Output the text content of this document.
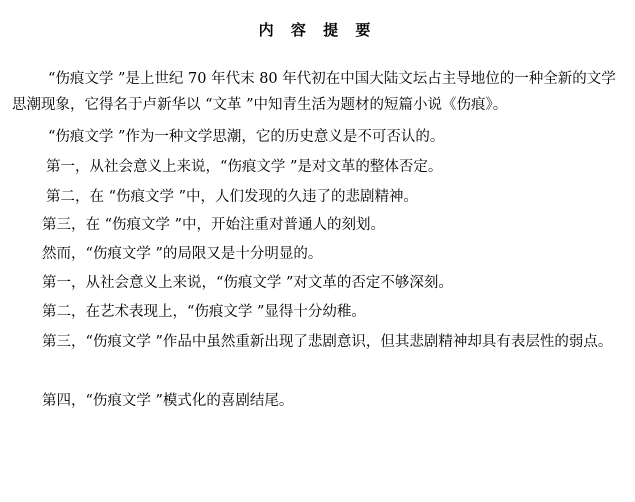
内 容 提 要
“伤痕文学 ”是上世纪 70 年代末 80 年代初在中国大陆文坛占主导地位的一种全新的文学思潮现象，它得名于卢新华以 “文革 ”中知青生活为题材的短篇小说《伤痕》。
“伤痕文学 ”作为一种文学思潮，它的历史意义是不可否认的。
第一，从社会意义上来说，“伤痕文学 ”是对文革的整体否定。
第二，在 “伤痕文学 ”中，人们发现的久违了的悲剧精神。
第三，在 “伤痕文学 ”中，开始注重对普通人的刻划。
然而，“伤痕文学 ”的局限又是十分明显的。
第一，从社会意义上来说，“伤痕文学 ”对文革的否定不够深刻。
第二，在艺术表现上，“伤痕文学 ”显得十分幼稚。
第三，“伤痕文学 ”作品中虽然重新出现了悲剧意识，但其悲剧精神却具有表层性的弱点。
第四，“伤痕文学 ”模式化的喜剧结尾。
